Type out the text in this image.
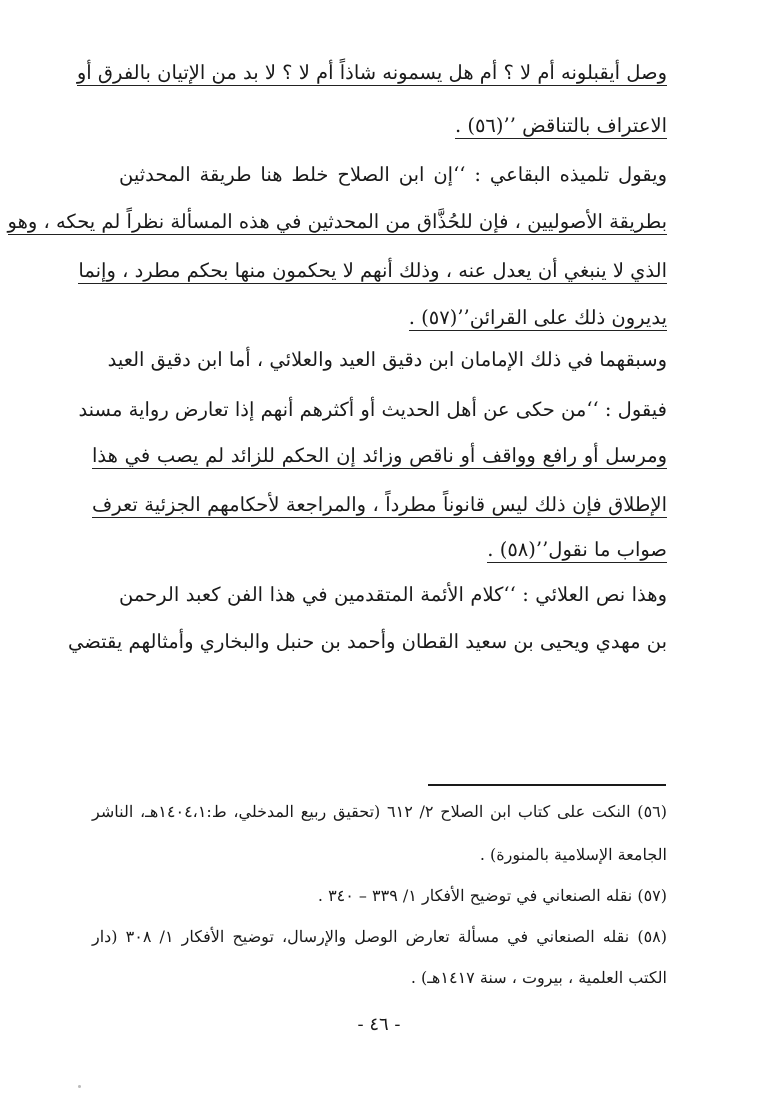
وصل أيقبلونه أم لا ؟ أم هل يسمونه شاذاً أم لا ؟ لا بد من الإتيان بالفرق أو
الاعتراف بالتناقض ’’(٥٦) .
ويقول تلميذه البقاعي : ‘‘إن ابن الصلاح خلط هنا طريقة المحدثين
بطريقة الأصوليين ، فإن للحُذَّاق من المحدثين في هذه المسألة نظراً لم يحكه ، وهو
الذي لا ينبغي أن يعدل عنه ، وذلك أنهم لا يحكمون منها بحكم مطرد ، وإنما
يديرون ذلك على القرائن’’(٥٧) .
وسبقهما في ذلك الإمامان ابن دقيق العيد والعلائي ، أما ابن دقيق العيد
فيقول : ‘‘من حكى عن أهل الحديث أو أكثرهم أنهم إذا تعارض رواية مسند
ومرسل أو رافع وواقف أو ناقص وزائد إن الحكم للزائد لم يصب في هذا
الإطلاق فإن ذلك ليس قانوناً مطرداً ، والمراجعة لأحكامهم الجزئية تعرف
صواب ما نقول’’(٥٨) .
وهذا نص العلائي : ‘‘كلام الأئمة المتقدمين في هذا الفن كعبد الرحمن
بن مهدي ويحيى بن سعيد القطان وأحمد بن حنبل والبخاري وأمثالهم يقتضي
(٥٦) النكت على كتاب ابن الصلاح ٢/ ٦١٢ (تحقيق ربيع المدخلي، ط:١٤٠٤،١هـ، الناشر
الجامعة الإسلامية بالمنورة) .
(٥٧) نقله الصنعاني في توضيح الأفكار ١/ ٣٣٩ – ٣٤٠ .
(٥٨) نقله الصنعاني في مسألة تعارض الوصل والإرسال، توضيح الأفكار ١/ ٣٠٨ (دار
الكتب العلمية ، بيروت ، سنة ١٤١٧هـ) .
- ٤٦ -
